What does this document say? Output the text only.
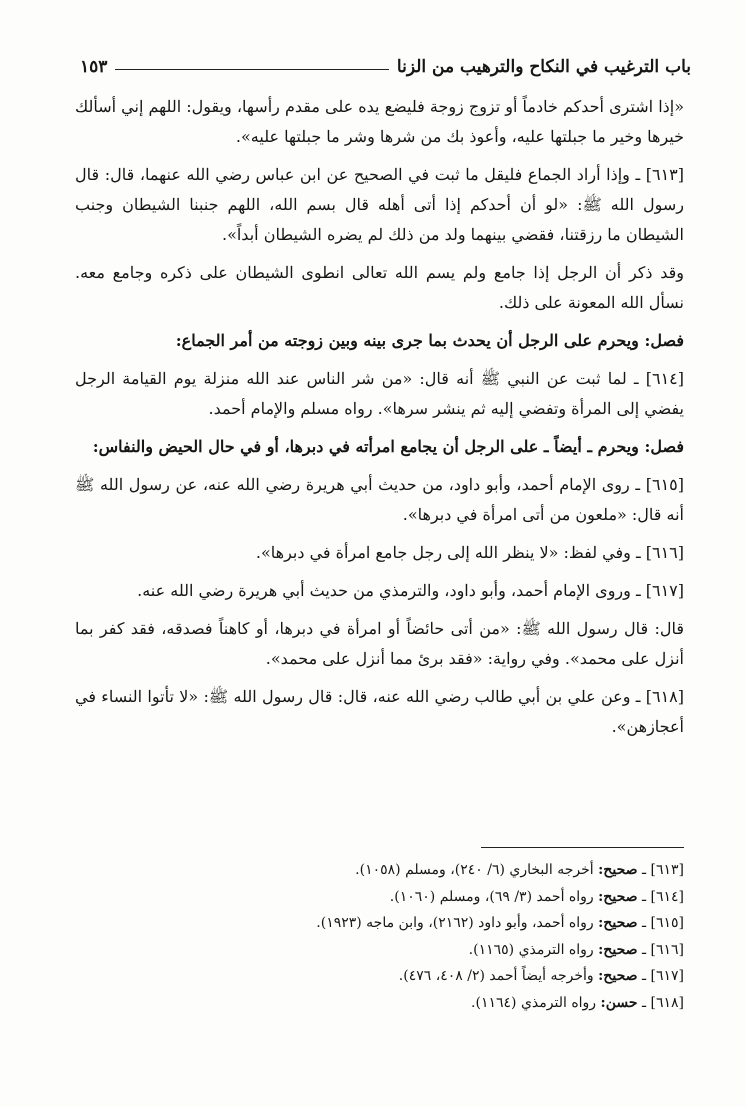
باب الترغيب في النكاح والترهيب من الزنا
١٥٣

«إذا اشترى أحدكم خادماً أو تزوج زوجة فليضع يده على مقدم رأسها، ويقول: اللهم إني أسألك خيرها وخير ما جبلتها عليه، وأعوذ بك من شرها وشر ما جبلتها عليه».

[٦١٣] ـ وإذا أراد الجماع فليقل ما ثبت في الصحيح عن ابن عباس رضي الله عنهما، قال: قال رسول الله ﷺ: «لو أن أحدكم إذا أتى أهله قال بسم الله، اللهم جنبنا الشيطان وجنب الشيطان ما رزقتنا، فقضي بينهما ولد من ذلك لم يضره الشيطان أبداً».

وقد ذكر أن الرجل إذا جامع ولم يسم الله تعالى انطوى الشيطان على ذكره وجامع معه. نسأل الله المعونة على ذلك.

فصل: ويحرم على الرجل أن يحدث بما جرى بينه وبين زوجته من أمر الجماع:

[٦١٤] ـ لما ثبت عن النبي ﷺ أنه قال: «من شر الناس عند الله منزلة يوم القيامة الرجل يفضي إلى المرأة وتفضي إليه ثم ينشر سرها». رواه مسلم والإمام أحمد.

فصل: ويحرم ـ أيضاً ـ على الرجل أن يجامع امرأته في دبرها، أو في حال الحيض والنفاس:

[٦١٥] ـ روى الإمام أحمد، وأبو داود، من حديث أبي هريرة رضي الله عنه، عن رسول الله ﷺ أنه قال: «ملعون من أتى امرأة في دبرها».

[٦١٦] ـ وفي لفظ: «لا ينظر الله إلى رجل جامع امرأة في دبرها».

[٦١٧] ـ وروى الإمام أحمد، وأبو داود، والترمذي من حديث أبي هريرة رضي الله عنه.

قال: قال رسول الله ﷺ: «من أتى حائضاً أو امرأة في دبرها، أو كاهناً فصدقه، فقد كفر بما أنزل على محمد». وفي رواية: «فقد برئ مما أنزل على محمد».

[٦١٨] ـ وعن علي بن أبي طالب رضي الله عنه، قال: قال رسول الله ﷺ: «لا تأتوا النساء في أعجازهن».

[٦١٣] ـ صحيح: أخرجه البخاري (٦/ ٢٤٠)، ومسلم (١٠٥٨).
[٦١٤] ـ صحيح: رواه أحمد (٣/ ٦٩)، ومسلم (١٠٦٠).
[٦١٥] ـ صحيح: رواه أحمد، وأبو داود (٢١٦٢)، وابن ماجه (١٩٢٣).
[٦١٦] ـ صحيح: رواه الترمذي (١١٦٥).
[٦١٧] ـ صحيح: وأخرجه أيضاً أحمد (٢/ ٤٠٨، ٤٧٦).
[٦١٨] ـ حسن: رواه الترمذي (١١٦٤).
